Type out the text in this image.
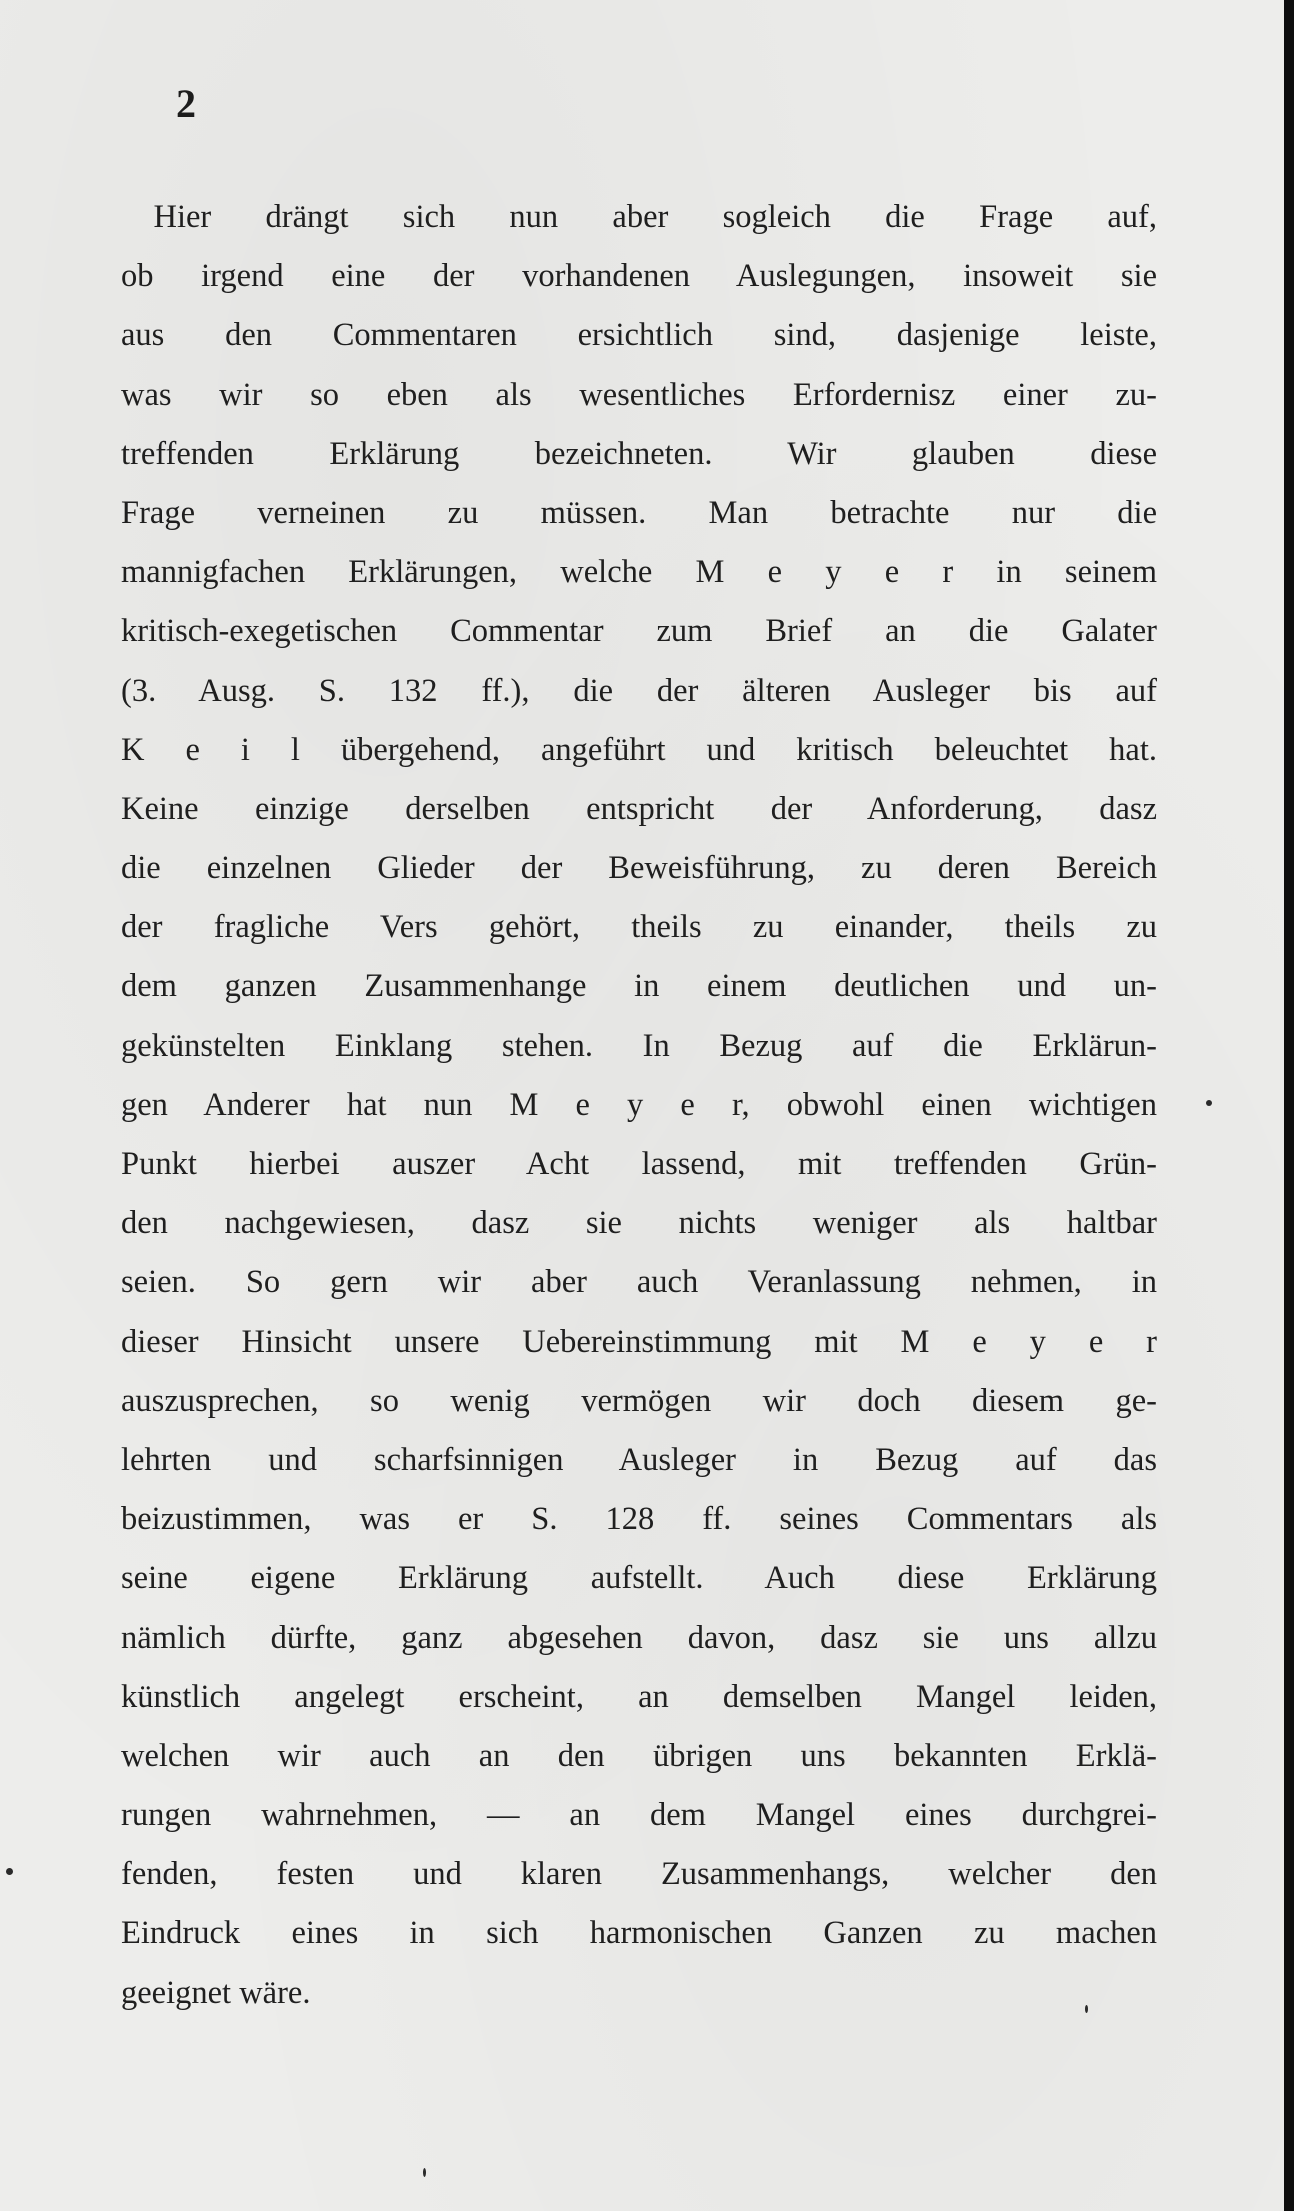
2
 Hier drängt sich nun aber sogleich die Frage auf,
ob irgend eine der vorhandenen Auslegungen, insoweit sie
aus den Commentaren ersichtlich sind, dasjenige leiste,
was wir so eben als wesentliches Erfordernisz einer zu-
treffenden Erklärung bezeichneten. Wir glauben diese
Frage verneinen zu müssen. Man betrachte nur die
mannigfachen Erklärungen, welche M e y e r in seinem
kritisch-exegetischen Commentar zum Brief an die Galater
(3. Ausg. S. 132 ff.), die der älteren Ausleger bis auf
K e i l übergehend, angeführt und kritisch beleuchtet hat.
Keine einzige derselben entspricht der Anforderung, dasz
die einzelnen Glieder der Beweisführung, zu deren Bereich
der fragliche Vers gehört, theils zu einander, theils zu
dem ganzen Zusammenhange in einem deutlichen und un-
gekünstelten Einklang stehen. In Bezug auf die Erklärun-
gen Anderer hat nun M e y e r, obwohl einen wichtigen
Punkt hierbei auszer Acht lassend, mit treffenden Grün-
den nachgewiesen, dasz sie nichts weniger als haltbar
seien. So gern wir aber auch Veranlassung nehmen, in
dieser Hinsicht unsere Uebereinstimmung mit M e y e r
auszusprechen, so wenig vermögen wir doch diesem ge-
lehrten und scharfsinnigen Ausleger in Bezug auf das
beizustimmen, was er S. 128 ff. seines Commentars als
seine eigene Erklärung aufstellt. Auch diese Erklärung
nämlich dürfte, ganz abgesehen davon, dasz sie uns allzu
künstlich angelegt erscheint, an demselben Mangel leiden,
welchen wir auch an den übrigen uns bekannten Erklä-
rungen wahrnehmen, — an dem Mangel eines durchgrei-
fenden, festen und klaren Zusammenhangs, welcher den
Eindruck eines in sich harmonischen Ganzen zu machen
geeignet wäre.
